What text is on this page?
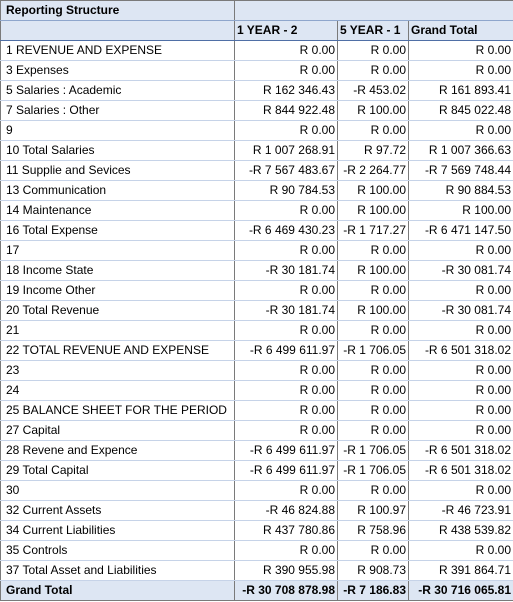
Reporting Structure			
	1 YEAR - 2	5 YEAR - 1	Grand Total
1 REVENUE AND EXPENSE	R 0.00	R 0.00	R 0.00
3 Expenses	R 0.00	R 0.00	R 0.00
5 Salaries : Academic	R 162 346.43	-R 453.02	R 161 893.41
7 Salaries : Other	R 844 922.48	R 100.00	R 845 022.48
9	R 0.00	R 0.00	R 0.00
10 Total Salaries	R 1 007 268.91	R 97.72	R 1 007 366.63
11 Supplie and Sevices	-R 7 567 483.67	-R 2 264.77	-R 7 569 748.44
13 Communication	R 90 784.53	R 100.00	R 90 884.53
14 Maintenance	R 0.00	R 100.00	R 100.00
16 Total Expense	-R 6 469 430.23	-R 1 717.27	-R 6 471 147.50
17	R 0.00	R 0.00	R 0.00
18 Income State	-R 30 181.74	R 100.00	-R 30 081.74
19 Income Other	R 0.00	R 0.00	R 0.00
20 Total Revenue	-R 30 181.74	R 100.00	-R 30 081.74
21	R 0.00	R 0.00	R 0.00
22 TOTAL REVENUE AND EXPENSE	-R 6 499 611.97	-R 1 706.05	-R 6 501 318.02
23	R 0.00	R 0.00	R 0.00
24	R 0.00	R 0.00	R 0.00
25 BALANCE SHEET FOR THE PERIOD	R 0.00	R 0.00	R 0.00
27 Capital	R 0.00	R 0.00	R 0.00
28 Revene and Expence	-R 6 499 611.97	-R 1 706.05	-R 6 501 318.02
29 Total Capital	-R 6 499 611.97	-R 1 706.05	-R 6 501 318.02
30	R 0.00	R 0.00	R 0.00
32 Current Assets	-R 46 824.88	R 100.97	-R 46 723.91
34 Current Liabilities	R 437 780.86	R 758.96	R 438 539.82
35 Controls	R 0.00	R 0.00	R 0.00
37 Total Asset and Liabilities	R 390 955.98	R 908.73	R 391 864.71
Grand Total	-R 30 708 878.98	-R 7 186.83	-R 30 716 065.81
